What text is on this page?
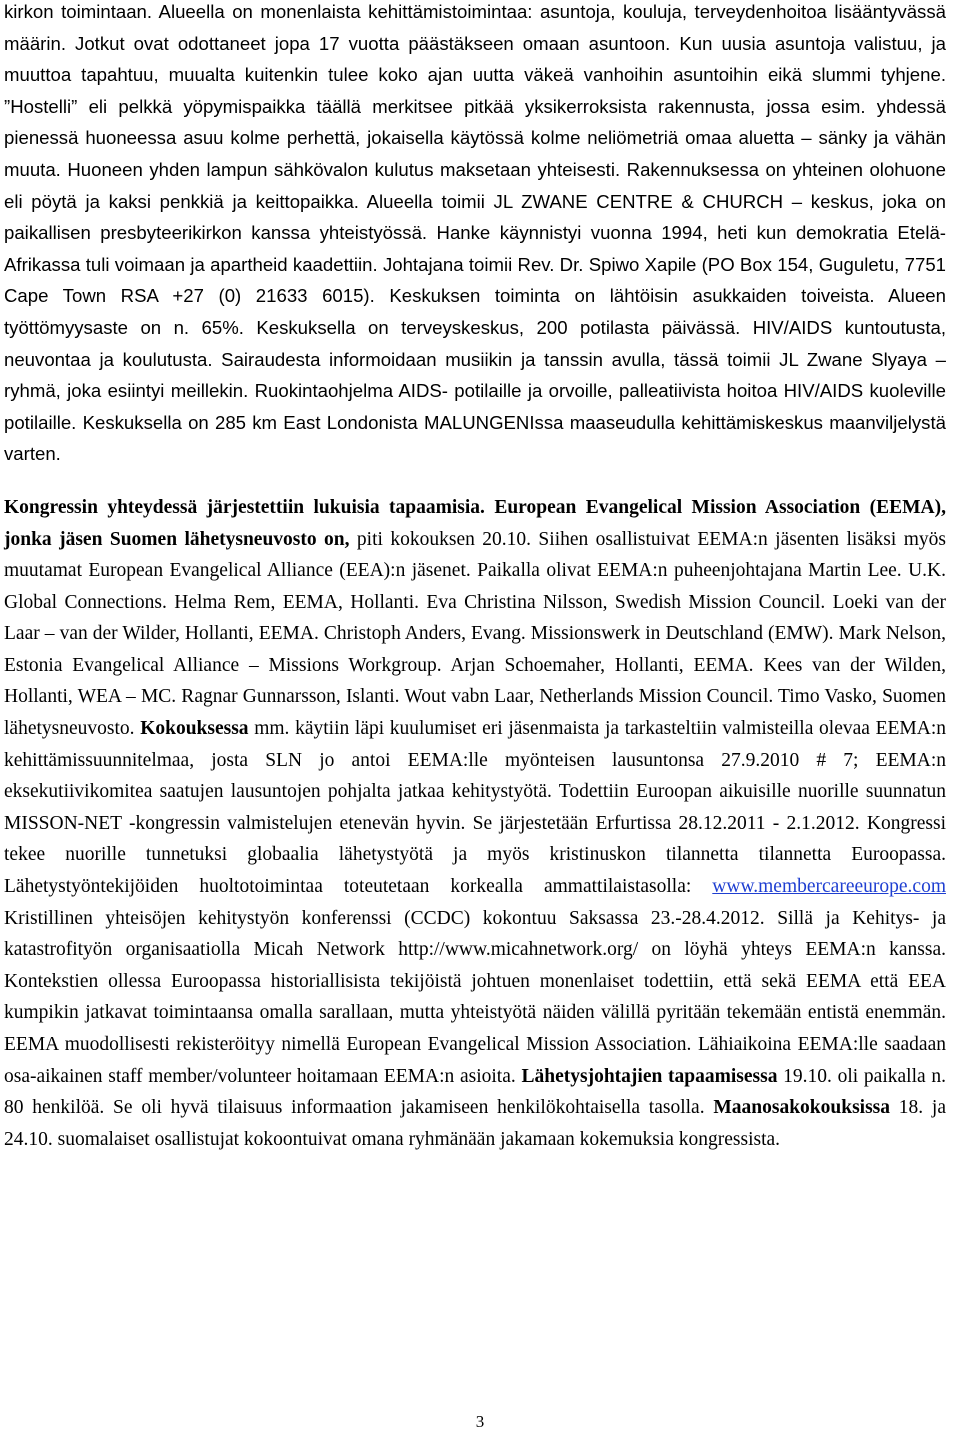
kirkon toimintaan. Alueella on monenlaista kehittämistoimintaa: asuntoja, kouluja, terveydenhoitoa lisääntyvässä määrin. Jotkut ovat odottaneet jopa 17 vuotta päästäkseen omaan asuntoon. Kun uusia asuntoja valistuu, ja muuttoa tapahtuu, muualta kuitenkin tulee koko ajan uutta väkeä vanhoihin asuntoihin eikä slummi tyhjene. ”Hostelli” eli pelkkä yöpymispaikka täällä merkitsee pitkää yksikerroksista rakennusta, jossa esim. yhdessä pienessä huoneessa asuu kolme perhettä, jokaisella käytössä kolme neliömetriä omaa aluetta – sänky ja vähän muuta. Huoneen yhden lampun sähkövalon kulutus maksetaan yhteisesti. Rakennuksessa on yhteinen olohuone eli pöytä ja kaksi penkkiä ja keittopaikka. Alueella toimii JL ZWANE CENTRE & CHURCH – keskus, joka on paikallisen presbyteerikirkon kanssa yhteistyössä. Hanke käynnistyi vuonna 1994, heti kun demokratia Etelä-Afrikassa tuli voimaan ja apartheid kaadettiin. Johtajana toimii Rev. Dr. Spiwo Xapile (PO Box 154, Guguletu, 7751 Cape Town RSA +27 (0) 21633 6015). Keskuksen toiminta on lähtöisin asukkaiden toiveista. Alueen työttömyysaste on n. 65%. Keskuksella on terveyskeskus, 200 potilasta päivässä. HIV/AIDS kuntoutusta, neuvontaa ja koulutusta. Sairaudesta informoidaan musiikin ja tanssin avulla, tässä toimii JL Zwane Slyaya –ryhmä, joka esiintyi meillekin. Ruokintaohjelma AIDS- potilaille ja orvoille, palleatiivista hoitoa HIV/AIDS kuoleville potilaille. Keskuksella on 285 km East Londonista MALUNGENIssa maaseudulla kehittämiskeskus maanviljelystä varten.

Kongressin yhteydessä järjestettiin lukuisia tapaamisia. European Evangelical Mission Association (EEMA), jonka jäsen Suomen lähetysneuvosto on, piti kokouksen 20.10. Siihen osallistuivat EEMA:n jäsenten lisäksi myös muutamat European Evangelical Alliance (EEA):n jäsenet. Paikalla olivat EEMA:n puheenjohtajana Martin Lee. U.K. Global Connections. Helma Rem, EEMA, Hollanti. Eva Christina Nilsson, Swedish Mission Council. Loeki van der Laar – van der Wilder, Hollanti, EEMA. Christoph Anders, Evang. Missionswerk in Deutschland (EMW). Mark Nelson, Estonia Evangelical Alliance – Missions Workgroup. Arjan Schoemaher, Hollanti, EEMA. Kees van der Wilden, Hollanti, WEA – MC. Ragnar Gunnarsson, Islanti. Wout vabn Laar, Netherlands Mission Council. Timo Vasko, Suomen lähetysneuvosto. Kokouksessa mm. käytiin läpi kuulumiset eri jäsenmaista ja tarkasteltiin valmisteilla olevaa EEMA:n kehittämissuunnitelmaa, josta SLN jo antoi EEMA:lle myönteisen lausuntonsa 27.9.2010 # 7; EEMA:n eksekutiivikomitea saatujen lausuntojen pohjalta jatkaa kehitystyötä. Todettiin Euroopan aikuisille nuorille suunnatun MISSON-NET -kongressin valmistelujen etenevän hyvin. Se järjestetään Erfurtissa 28.12.2011 - 2.1.2012. Kongressi tekee nuorille tunnetuksi globaalia lähetystyötä ja myös kristinuskon tilannetta tilannetta Euroopassa. Lähetystyöntekijöiden huoltotoimintaa toteutetaan korkealla ammattilaistasolla: www.membercareeurope.com Kristillinen yhteisöjen kehitystyön konferenssi (CCDC) kokontuu Saksassa 23.-28.4.2012. Sillä ja Kehitys- ja katastrofityön organisaatiolla Micah Network http://www.micahnetwork.org/ on löyhä yhteys EEMA:n kanssa. Kontekstien ollessa Euroopassa historiallisista tekijöistä johtuen monenlaiset todettiin, että sekä EEMA että EEA kumpikin jatkavat toimintaansa omalla sarallaan, mutta yhteistyötä näiden välillä pyritään tekemään entistä enemmän. EEMA muodollisesti rekisteröityy nimellä European Evangelical Mission Association. Lähiaikoina EEMA:lle saadaan osa-aikainen staff member/volunteer hoitamaan EEMA:n asioita. Lähetysjohtajien tapaamisessa 19.10. oli paikalla n. 80 henkilöä. Se oli hyvä tilaisuus informaation jakamiseen henkilökohtaisella tasolla. Maanosakokouksissa 18. ja 24.10. suomalaiset osallistujat kokoontuivat omana ryhmänään jakamaan kokemuksia kongressista.

3
